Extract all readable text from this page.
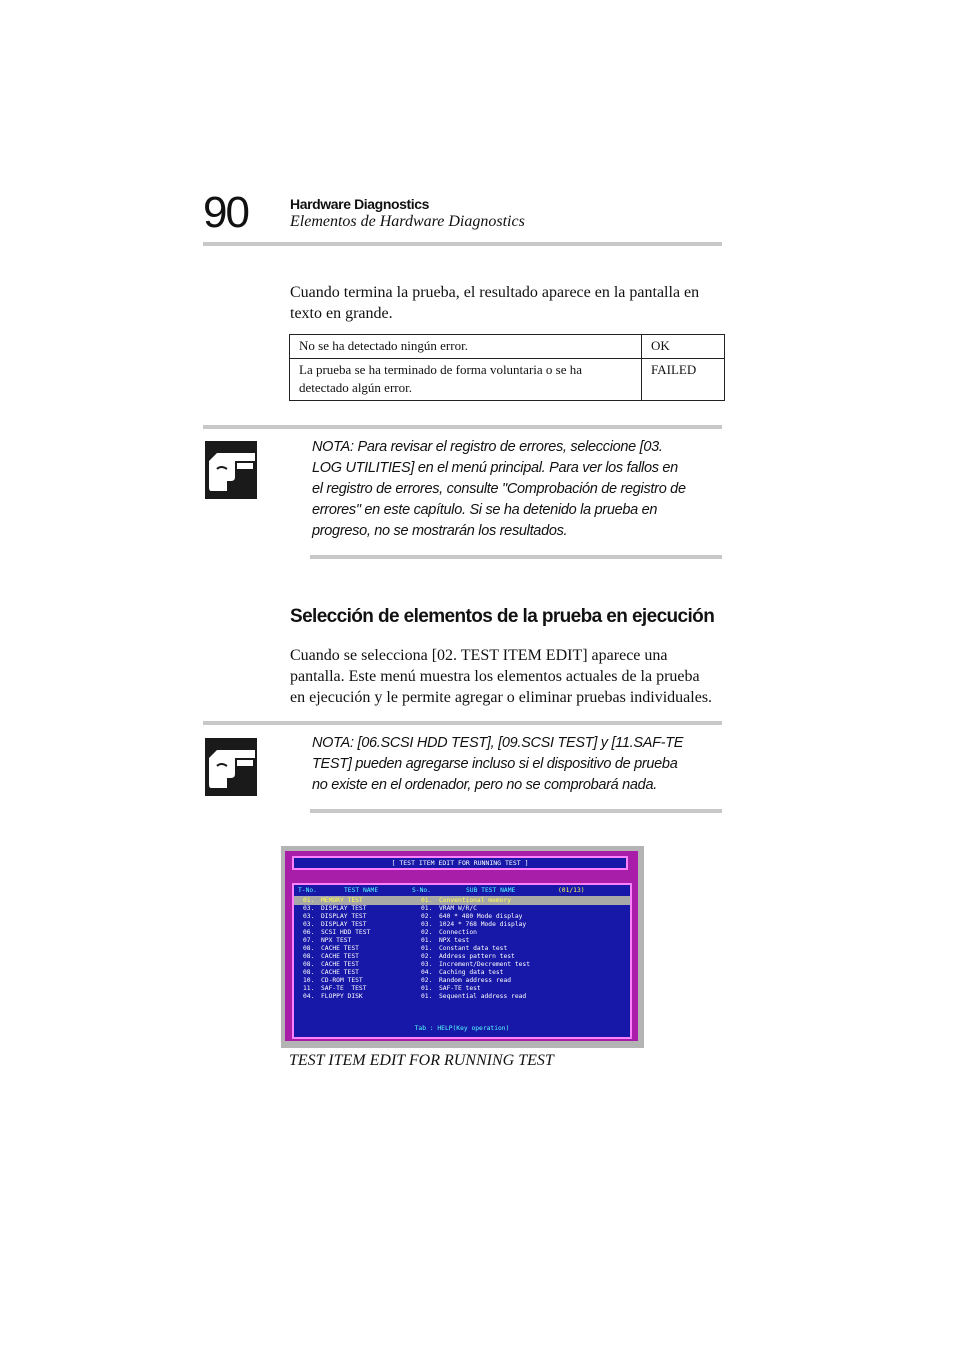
90	Hardware Diagnostics
Elementos de Hardware Diagnostics
Cuando termina la prueba, el resultado aparece en la pantalla en
texto en grande.
No se ha detectado ningún error.	OK

La prueba se ha terminado de forma voluntaria o se ha
detectado algún error.	FAILED
NOTA: Para revisar el registro de errores, seleccione [03.
LOG UTILITIES] en el menú principal. Para ver los fallos en
el registro de errores, consulte "Comprobación de registro de
errores" en este capítulo. Si se ha detenido la prueba en
progreso, no se mostrarán los resultados.
Selección de elementos de la prueba en ejecución
Cuando se selecciona [02. TEST ITEM EDIT] aparece una
pantalla. Este menú muestra los elementos actuales de la prueba
en ejecución y le permite agregar o eliminar pruebas individuales.
NOTA: [06.SCSI HDD TEST], [09.SCSI TEST] y [11.SAF-TE
TEST] pueden agregarse incluso si el dispositivo de prueba
no existe en el ordenador, pero no se comprobará nada.
[ TEST ITEM EDIT FOR RUNNING TEST ]
T-No.	TEST NAME	S-No.	SUB TEST NAME	(01/13)
01. MEMORY TEST	01. Conventional memory
03. DISPLAY TEST	01. VRAM W/R/C
03. DISPLAY TEST	02. 640 * 480 Mode display
03. DISPLAY TEST	03. 1024 * 768 Mode display
06. SCSI HDD TEST	02. Connection
07. NPX TEST	01. NPX test
08. CACHE TEST	01. Constant data test
08. CACHE TEST	02. Address pattern test
08. CACHE TEST	03. Increment/Decrement test
08. CACHE TEST	04. Caching data test
10. CD-ROM TEST	02. Random address read
11. SAF-TE  TEST	01. SAF-TE test
04. FLOPPY DISK	01. Sequential address read
Tab : HELP(Key operation)
TEST ITEM EDIT FOR RUNNING TEST
